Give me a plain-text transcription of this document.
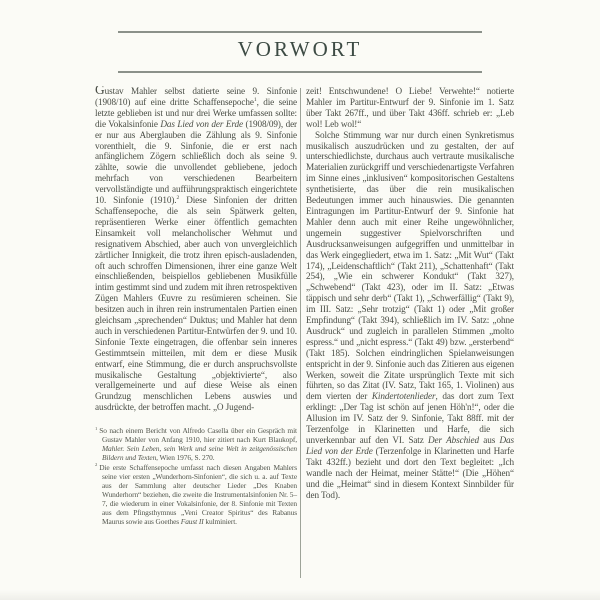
VORWORT

Gustav Mahler selbst datierte seine 9. Sinfonie (1908/10) auf eine dritte Schaffensepoche$^1$, die seine letzte geblieben ist und nur drei Werke umfassen sollte: die Vokalsinfonie Das Lied von der Erde (1908/09), der er nur aus Aberglauben die Zählung als 9. Sinfonie vorenthielt, die 9. Sinfonie, die er erst nach anfänglichem Zögern schließlich doch als seine 9. zählte, sowie die unvollendet gebliebene, jedoch mehrfach von verschiedenen Bearbeitern vervollständigte und aufführungspraktisch eingerichtete 10. Sinfonie (1910).$^2$ Diese Sinfonien der dritten Schaffensepoche, die als sein Spätwerk gelten, repräsentieren Werke einer öffentlich gemachten Einsamkeit voll melancholischer Wehmut und resignativem Abschied, aber auch von unvergleichlich zärtlicher Innigkeit, die trotz ihren episch-ausladenden, oft auch schroffen Dimensionen, ihrer eine ganze Welt einschließenden, beispiellos gebliebenen Musikfülle intim gestimmt sind und zudem mit ihren retrospektiven Zügen Mahlers Œuvre zu resümieren scheinen. Sie besitzen auch in ihren rein instrumentalen Partien einen gleichsam „sprechenden“ Duktus; und Mahler hat denn auch in verschiedenen Partitur-Entwürfen der 9. und 10. Sinfonie Texte eingetragen, die offenbar sein inneres Gestimmtsein mitteilen, mit dem er diese Musik entwarf, eine Stimmung, die er durch anspruchsvollste musikalische Gestaltung „objektivierte“, also verallgemeinerte und auf diese Weise als einen Grundzug menschlichen Lebens auswies und ausdrückte, der betroffen macht. „O Jugend-

$^1$ So nach einem Bericht von Alfredo Casella über ein Gespräch mit Gustav Mahler von Anfang 1910, hier zitiert nach Kurt Blaukopf, Mahler. Sein Leben, sein Werk und seine Welt in zeitgenössischen Bildern und Texten, Wien 1976, S. 270.

$^2$ Die erste Schaffensepoche umfasst nach diesen Angaben Mahlers seine vier ersten „Wunderhorn-Sinfonien“, die sich u. a. auf Texte aus der Sammlung alter deutscher Lieder „Des Knaben Wunderhorn“ beziehen, die zweite die Instrumentalsinfonien Nr. 5–7, die wiederum in einer Vokalsinfonie, der 8. Sinfonie mit Texten aus dem Pfingsthymnus „Veni Creator Spiritus“ des Rabanus Maurus sowie aus Goethes Faust II kulminiert.

zeit! Entschwundene! O Liebe! Verwehte!“ notierte Mahler im Partitur-Entwurf der 9. Sinfonie im 1. Satz über Takt 267ff., und über Takt 436ff. schrieb er: „Leb wol! Leb wol!“

Solche Stimmung war nur durch einen Synkretismus musikalisch auszudrücken und zu gestalten, der auf unterschiedlichste, durchaus auch vertraute musikalische Materialien zurückgriff und verschiedenartigste Verfahren im Sinne eines „inklusiven“ kompositorischen Gestaltens synthetisierte, das über die rein musikalischen Bedeutungen immer auch hinauswies. Die genannten Eintragungen im Partitur-Entwurf der 9. Sinfonie hat Mahler denn auch mit einer Reihe ungewöhnlicher, ungemein suggestiver Spielvorschriften und Ausdrucksanweisungen aufgegriffen und unmittelbar in das Werk eingegliedert, etwa im 1. Satz: „Mit Wut“ (Takt 174), „Leidenschaftlich“ (Takt 211), „Schattenhaft“ (Takt 254), „Wie ein schwerer Kondukt“ (Takt 327), „Schwebend“ (Takt 423), oder im II. Satz: „Etwas täppisch und sehr derb“ (Takt 1), „Schwerfällig“ (Takt 9), im III. Satz: „Sehr trotzig“ (Takt 1) oder „Mit großer Empfindung“ (Takt 394), schließlich im IV. Satz: „ohne Ausdruck“ und zugleich in parallelen Stimmen „molto espress.“ und „nicht espress.“ (Takt 49) bzw. „ersterbend“ (Takt 185). Solchen eindringlichen Spielanweisungen entspricht in der 9. Sinfonie auch das Zitieren aus eigenen Werken, soweit die Zitate ursprünglich Texte mit sich führten, so das Zitat (IV. Satz, Takt 165, 1. Violinen) aus dem vierten der Kindertotenlieder, das dort zum Text erklingt: „Der Tag ist schön auf jenen Höh'n!“, oder die Allusion im IV. Satz der 9. Sinfonie, Takt 88ff. mit der Terzenfolge in Klarinetten und Harfe, die sich unverkennbar auf den VI. Satz Der Abschied aus Das Lied von der Erde (Terzenfolge in Klarinetten und Harfe Takt 432ff.) bezieht und dort den Text begleitet: „Ich wandle nach der Heimat, meiner Stätte!“ (Die „Höhen“ und die „Heimat“ sind in diesem Kontext Sinnbilder für den Tod).
